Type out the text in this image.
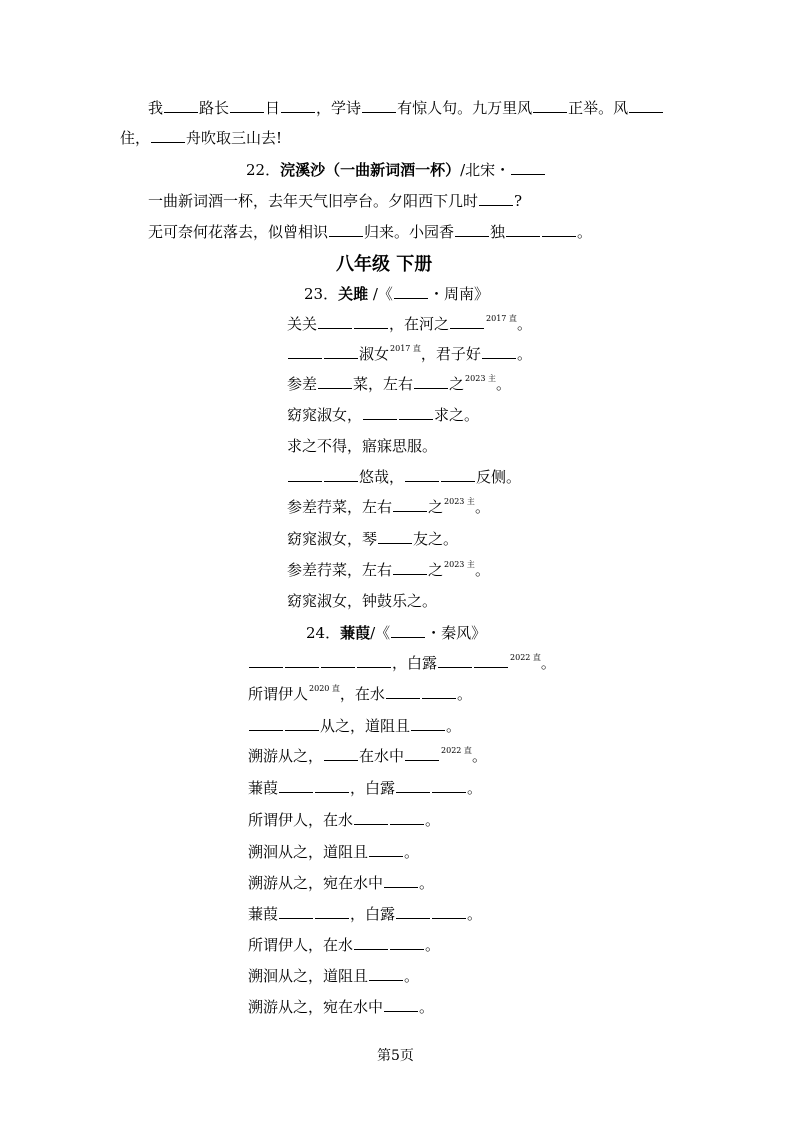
我 路长 日 ，学诗 有惊人句。九万里风 正举。风
住， 舟吹取三山去!
22．浣溪沙（一曲新词酒一杯）/北宋・
一曲新词酒一杯，去年天气旧亭台。夕阳西下几时 ?
无可奈何花落去，似曾相识 归来。小园香 独	。
23．关雎 /《 ・周南》
关关	，在河之	$^{2017 直}$。
淑女$^{2017 直}$，君子好 。
参差 菜，左右 之$^{2023 主}$。
窈窕淑女，	求之。
求之不得，寤寐思服。
悠哉，	反侧。
参差荇菜，左右 之$^{2023 主}$。
窈窕淑女，琴 友之。
参差荇菜，左右 之$^{2023 主}$。
窈窕淑女，钟鼓乐之。
24．蒹葭/《 ・秦风》
，白露	$^{2022 直}$。
所谓伊人$^{2020 直}$，在水	。
从之，道阻且 。
溯游从之， 在水中	$^{2022 直}$。
蒹葭	，白露	。
所谓伊人，在水	。
溯洄从之，道阻且 。
溯游从之，宛在水中 。
蒹葭	，白露	。
所谓伊人，在水	。
溯洄从之，道阻且 。
溯游从之，宛在水中 。
八年级 下册
第5页
